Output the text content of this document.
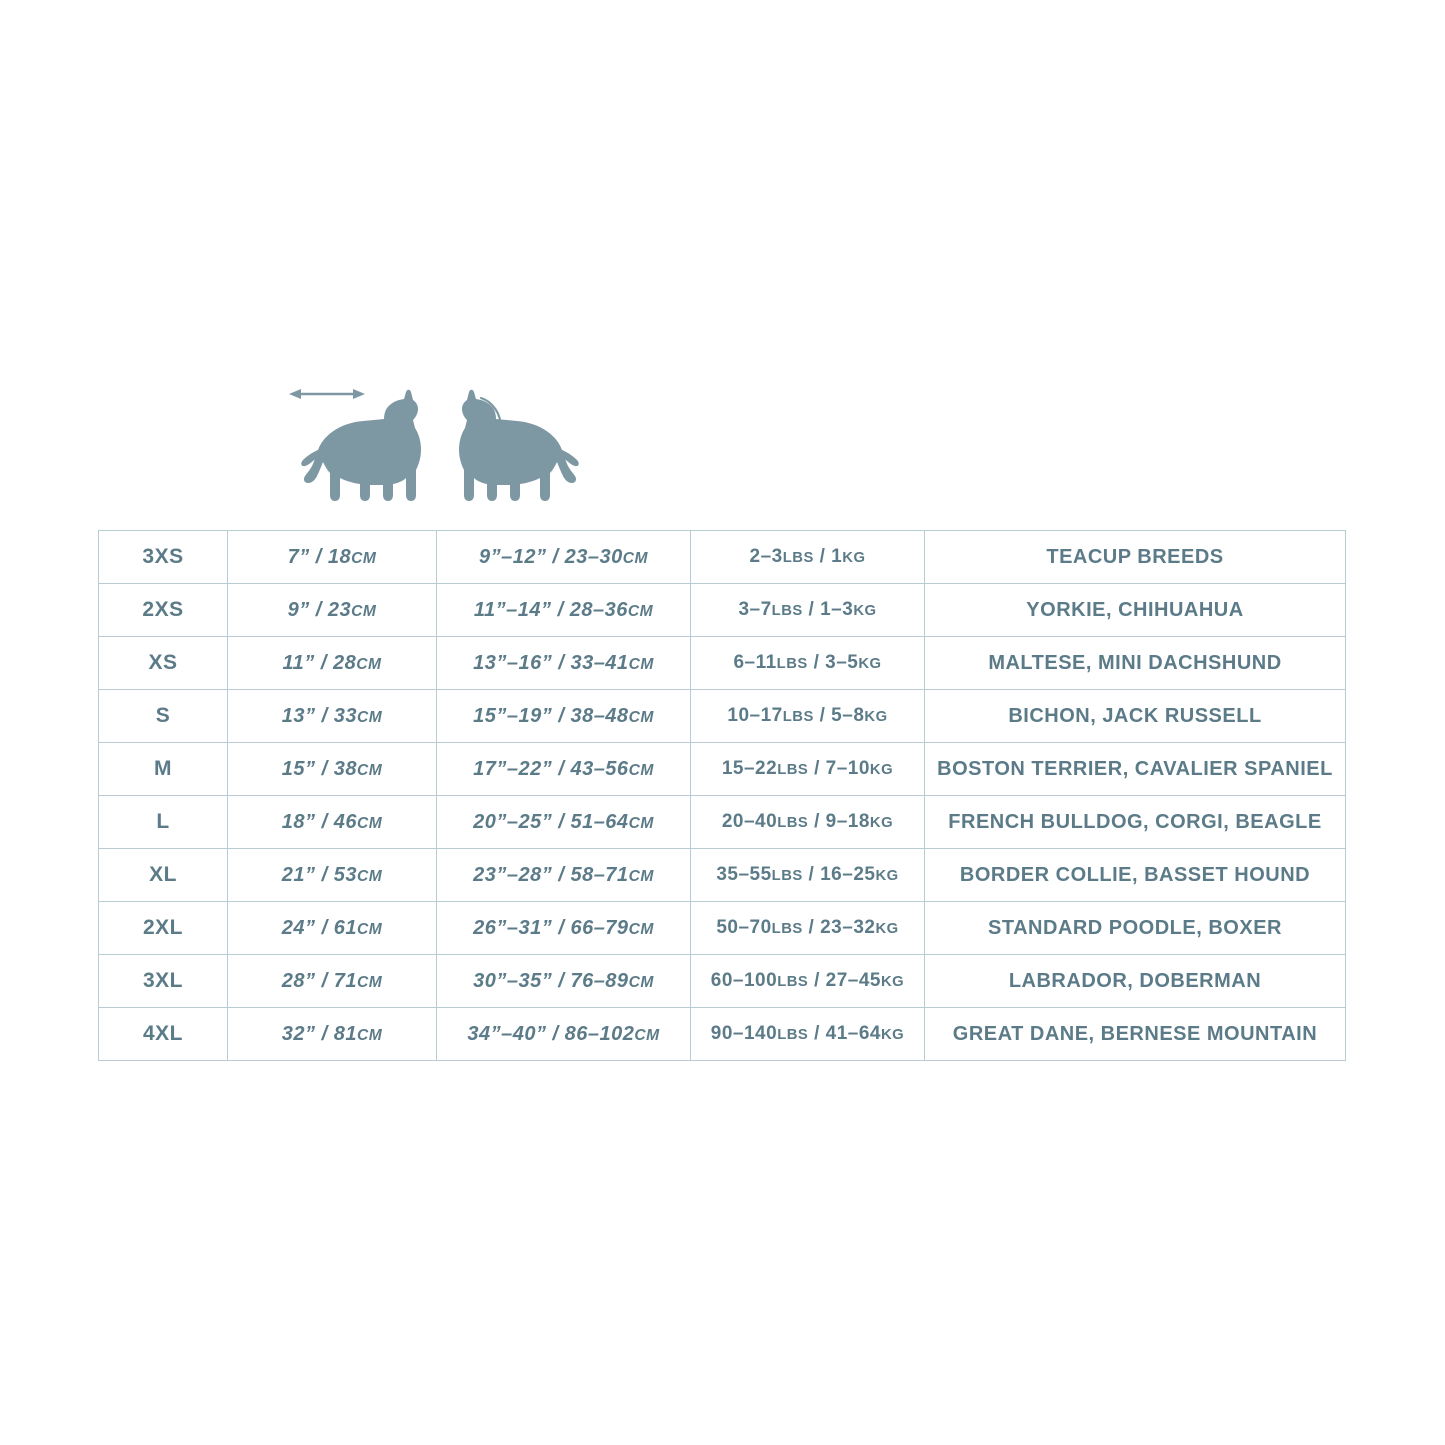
3XS	7” / 18CM	9”–12” / 23–30CM	2–3LBS / 1KG	TEACUP BREEDS
2XS	9” / 23CM	11”–14” / 28–36CM	3–7LBS / 1–3KG	YORKIE, CHIHUAHUA
XS	11” / 28CM	13”–16” / 33–41CM	6–11LBS / 3–5KG	MALTESE, MINI DACHSHUND
S	13” / 33CM	15”–19” / 38–48CM	10–17LBS / 5–8KG	BICHON, JACK RUSSELL
M	15” / 38CM	17”–22” / 43–56CM	15–22LBS / 7–10KG	BOSTON TERRIER, CAVALIER SPANIEL
L	18” / 46CM	20”–25” / 51–64CM	20–40LBS / 9–18KG	FRENCH BULLDOG, CORGI, BEAGLE
XL	21” / 53CM	23”–28” / 58–71CM	35–55LBS / 16–25KG	BORDER COLLIE, BASSET HOUND
2XL	24” / 61CM	26”–31” / 66–79CM	50–70LBS / 23–32KG	STANDARD POODLE, BOXER
3XL	28” / 71CM	30”–35” / 76–89CM	60–100LBS / 27–45KG	LABRADOR, DOBERMAN
4XL	32” / 81CM	34”–40” / 86–102CM	90–140LBS / 41–64KG	GREAT DANE, BERNESE MOUNTAIN
